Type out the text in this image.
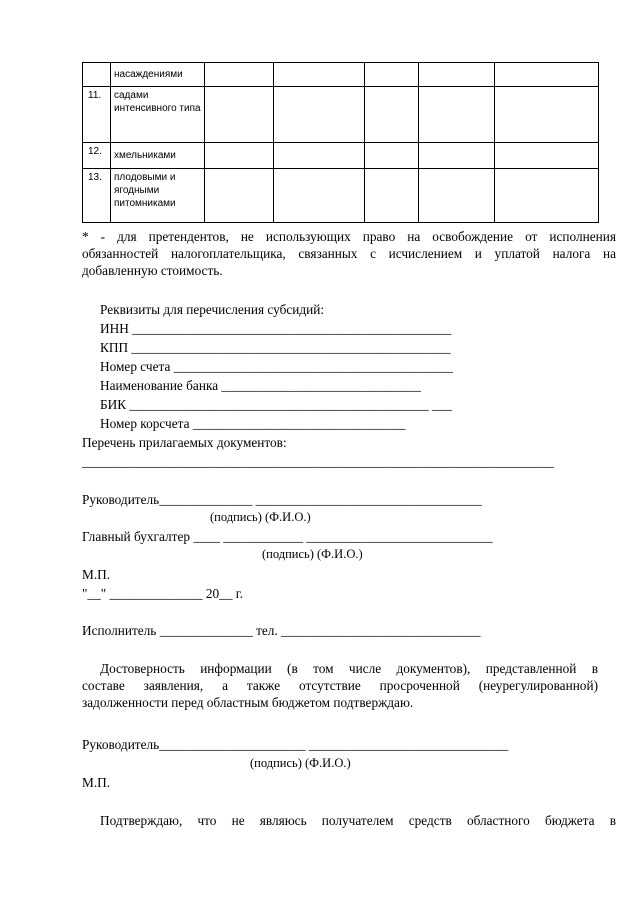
	насаждениями					
11.	садами интенсивного типа					
12.	хмельниками					
13.	плодовыми и ягодными питомниками					
* - для претендентов, не использующих право на освобождение от исполнения
обязанностей налогоплательщика, связанных с исчислением и уплатой налога на
добавленную стоимость.
Реквизиты для перечисления субсидий:
ИНН ________________________________________________
КПП ________________________________________________
Номер счета __________________________________________
Наименование банка ______________________________
БИК _____________________________________________ ___
Номер корсчета ________________________________
Перечень прилагаемых документов:
_______________________________________________________________________
Руководитель______________ __________________________________
(подпись) (Ф.И.О.)
Главный бухгалтер ____ ____________ ____________________________
(подпись) (Ф.И.О.)
М.П.
"__" ______________ 20__ г.
Исполнитель ______________ тел. ______________________________
Достоверность информации (в том числе документов), представленной в
составе заявления, а также отсутствие просроченной (неурегулированной)
задолженности перед областным бюджетом подтверждаю.
Руководитель______________________ ______________________________
(подпись) (Ф.И.О.)
М.П.
Подтверждаю, что не являюсь получателем средств областного бюджета в
